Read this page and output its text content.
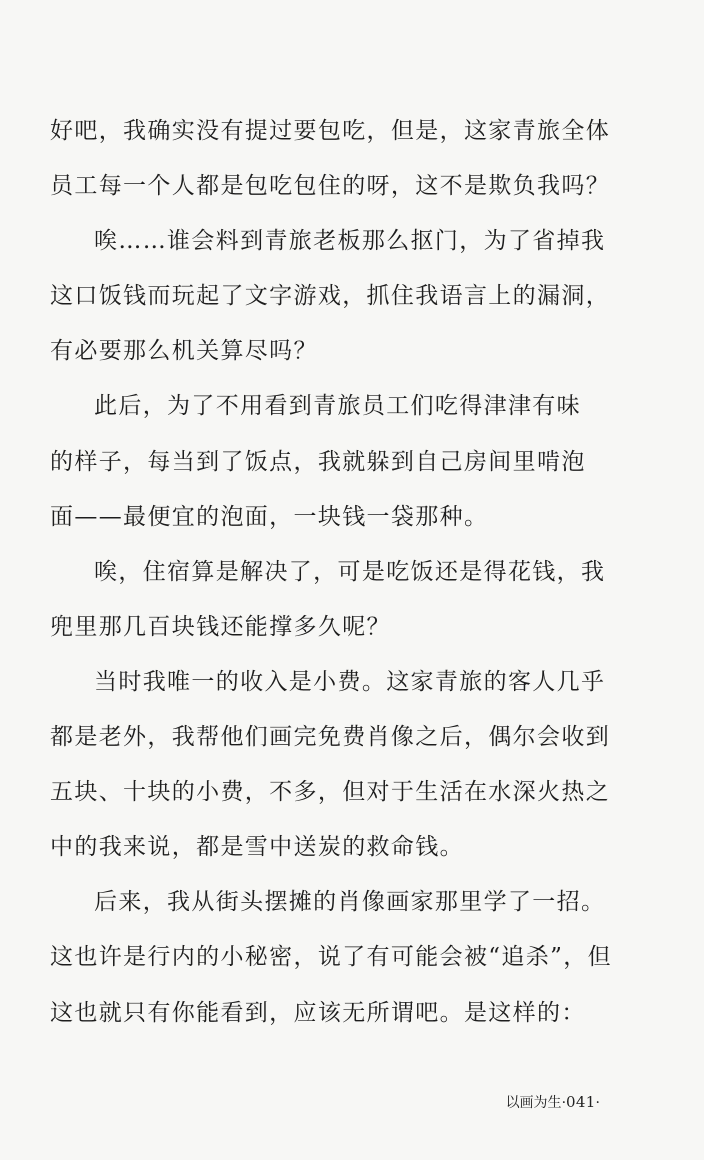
好吧，我确实没有提过要包吃，但是，这家青旅全体
员工每一个人都是包吃包住的呀，这不是欺负我吗？
唉……谁会料到青旅老板那么抠门，为了省掉我
这口饭钱而玩起了文字游戏，抓住我语言上的漏洞，
有必要那么机关算尽吗？
此后，为了不用看到青旅员工们吃得津津有味
的样子，每当到了饭点，我就躲到自己房间里啃泡
面——最便宜的泡面，一块钱一袋那种。
唉，住宿算是解决了，可是吃饭还是得花钱，我
兜里那几百块钱还能撑多久呢？
当时我唯一的收入是小费。这家青旅的客人几乎
都是老外，我帮他们画完免费肖像之后，偶尔会收到
五块、十块的小费，不多，但对于生活在水深火热之
中的我来说，都是雪中送炭的救命钱。
后来，我从街头摆摊的肖像画家那里学了一招。
这也许是行内的小秘密，说了有可能会被“追杀”，但
这也就只有你能看到，应该无所谓吧。是这样的：
以画为生·041·
